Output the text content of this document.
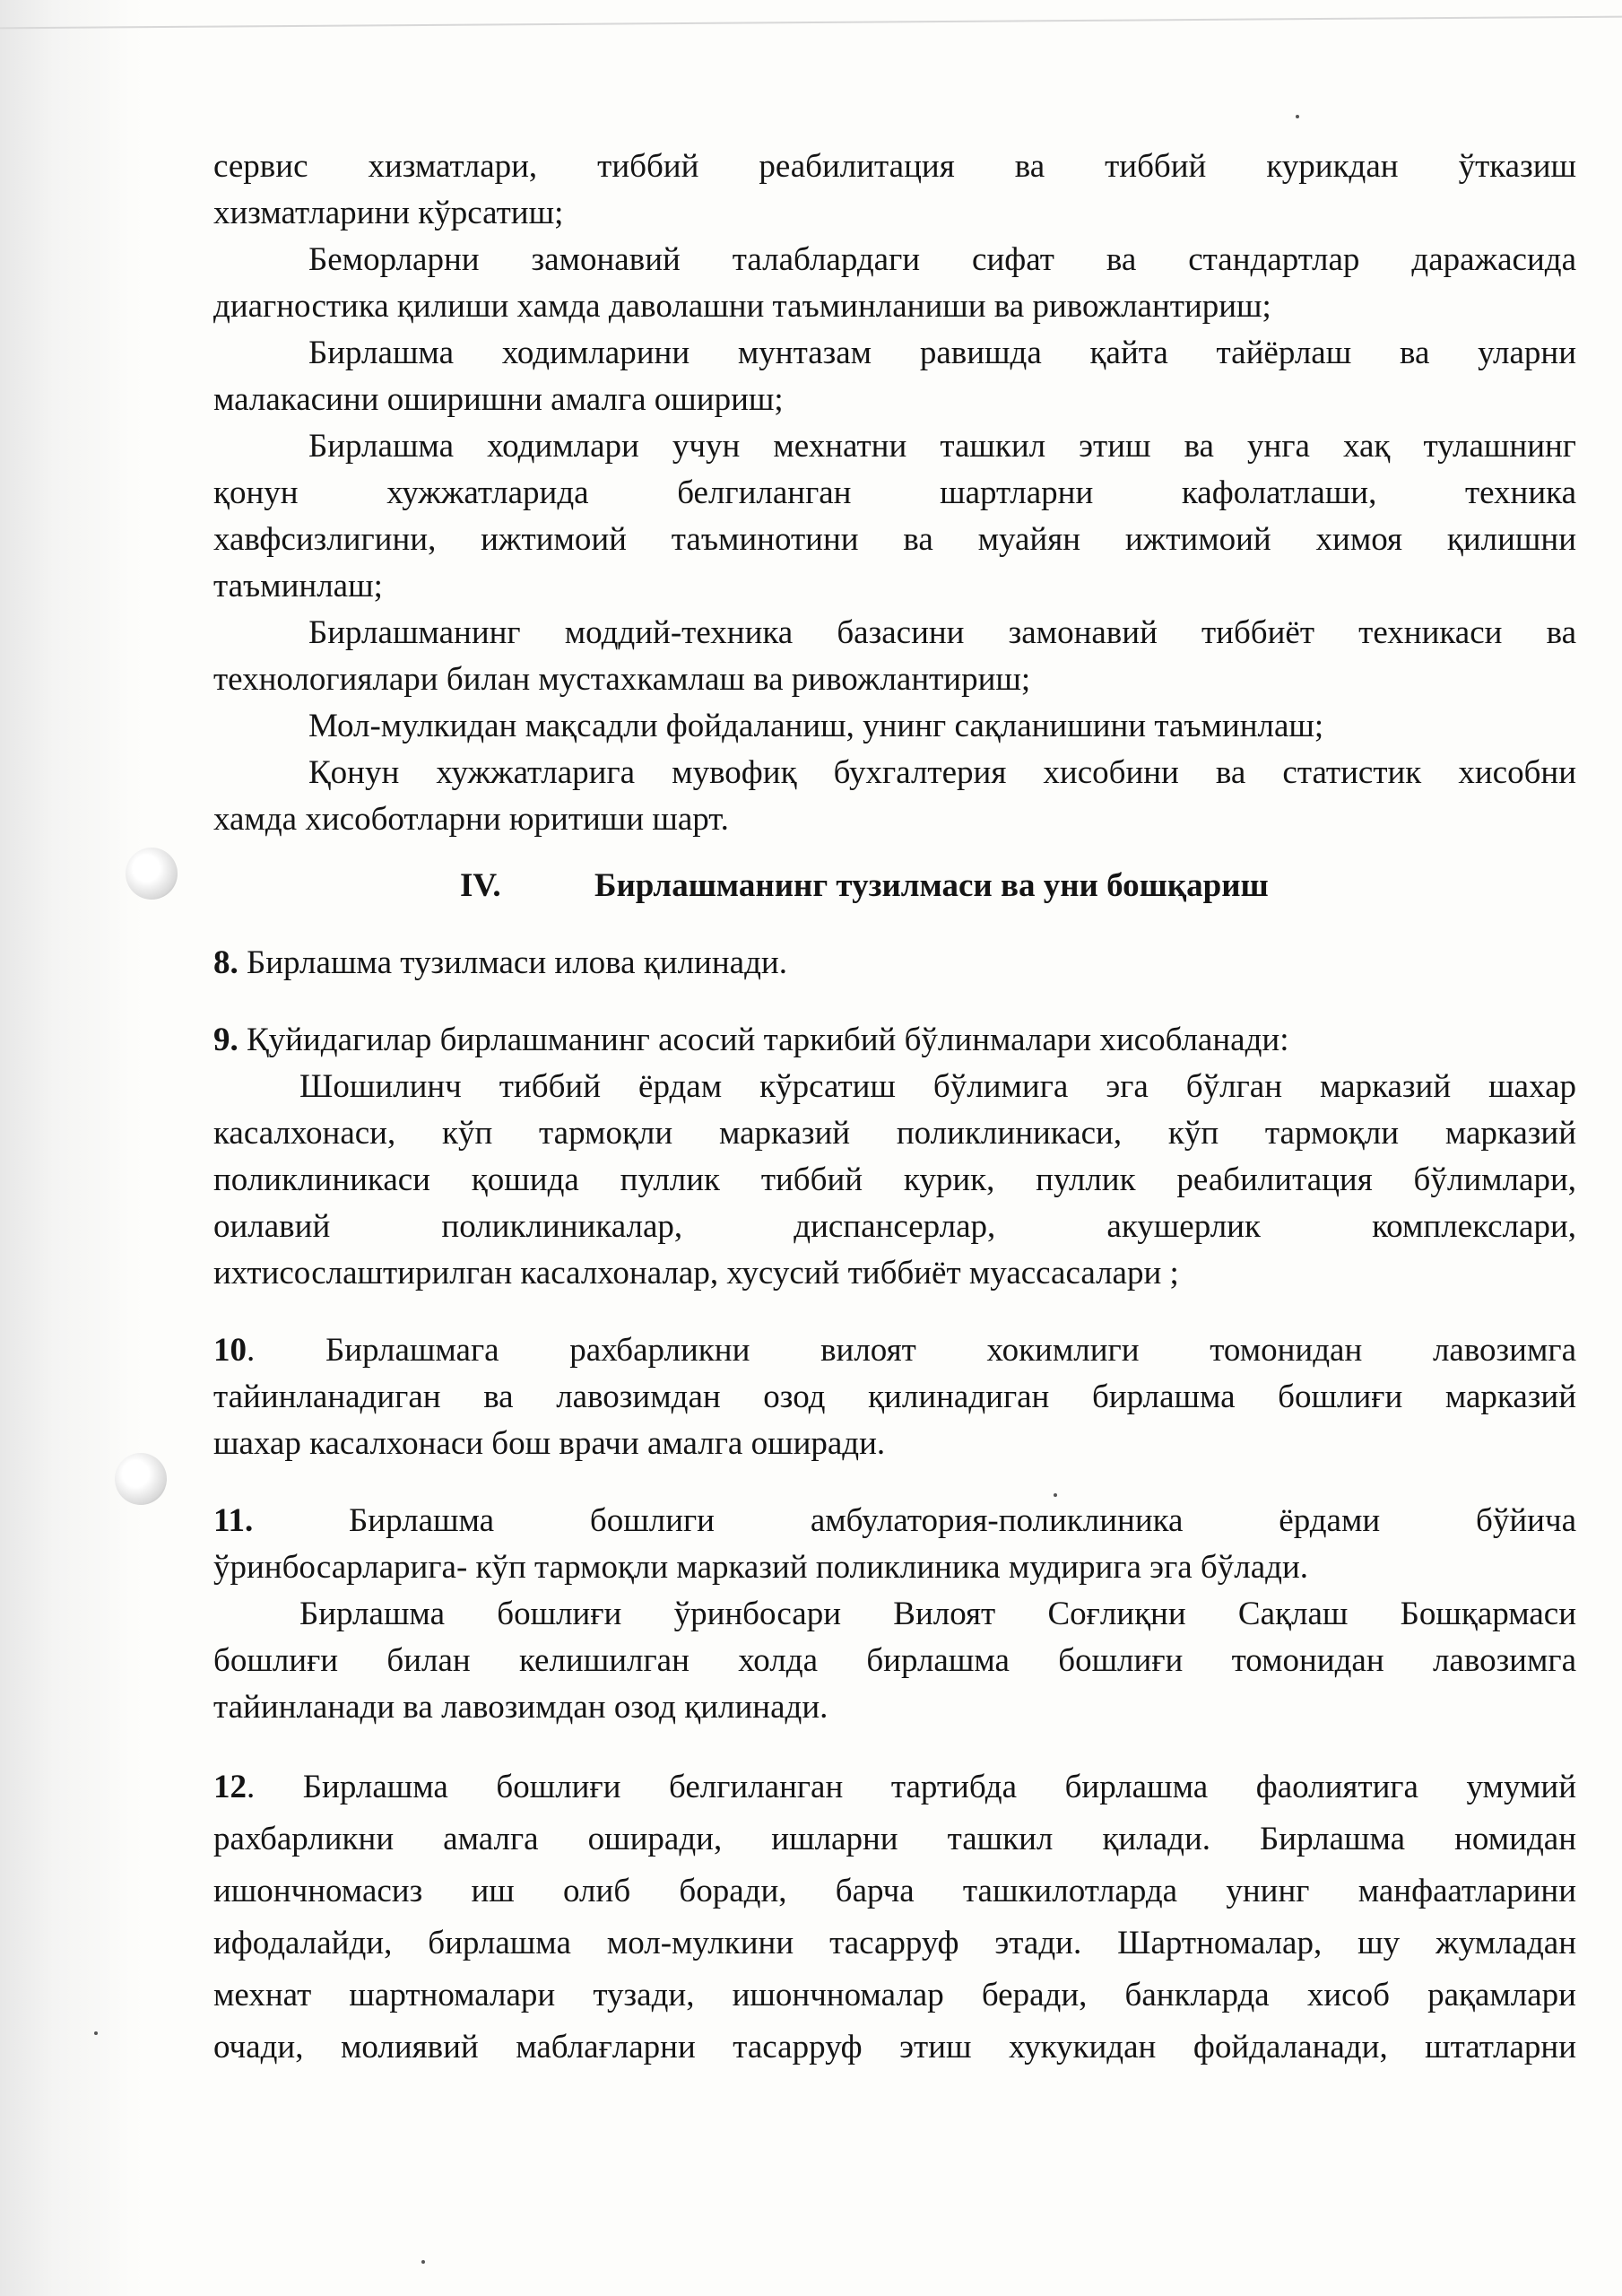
сервис хизматлари, тиббий реабилитация ва тиббий курикдан ўтказиш

хизматларини кўрсатиш;

Беморларни замонавий талаблардаги сифат ва стандартлар даражасида

диагностика қилиши хамда даволашни таъминланиши ва ривожлантириш;

Бирлашма ходимларини мунтазам равишда қайта тайёрлаш ва уларни

малакасини оширишни амалга ошириш;

Бирлашма ходимлари учун мехнатни ташкил этиш ва унга хақ тулашнинг

қонун хужжатларида белгиланган шартларни кафолатлаши, техника

хавфсизлигини, ижтимоий таъминотини ва муайян ижтимоий химоя қилишни

таъминлаш;

Бирлашманинг моддий-техника базасини замонавий тиббиёт техникаси ва

технологиялари билан мустахкамлаш ва ривожлантириш;

Мол-мулкидан мақсадли фойдаланиш, унинг сақланишини таъминлаш;

Қонун хужжатларига мувофиқ бухгалтерия хисобини ва статистик хисобни

хамда хисоботларни юритиши шарт.

IV.	Бирлашманинг тузилмаси ва уни бошқариш

8. Бирлашма тузилмаси илова қилинади.

9. Қуйидагилар бирлашманинг асосий таркибий бўлинмалари хисобланади:

Шошилинч тиббий ёрдам кўрсатиш бўлимига эга бўлган марказий шахар

касалхонаси, кўп тармоқли марказий поликлиникаси, кўп тармоқли марказий

поликлиникаси қошида пуллик тиббий курик, пуллик реабилитация бўлимлари,

оилавий поликлиникалар, диспансерлар, акушерлик комплекслари,

ихтисослаштирилган касалхоналар, хусусий тиббиёт муассасалари ;

10. Бирлашмага рахбарликни вилоят хокимлиги томонидан лавозимга

тайинланадиган ва лавозимдан озод қилинадиган бирлашма бошлиғи марказий

шахар касалхонаси бош врачи амалга оширади.

11. Бирлашма бошлиги амбулатория-поликлиника ёрдами бўйича

ўринбосарларига- кўп тармоқли марказий поликлиника мудирига эга бўлади.

Бирлашма бошлиғи ўринбосари Вилоят Соғлиқни Сақлаш Бошқармаси

бошлиғи билан келишилган холда бирлашма бошлиғи томонидан лавозимга

тайинланади ва лавозимдан озод қилинади.

12. Бирлашма бошлиғи белгиланган тартибда бирлашма фаолиятига умумий

рахбарликни амалга оширади, ишларни ташкил қилади. Бирлашма номидан

ишончномасиз иш олиб боради, барча ташкилотларда унинг манфаатларини

ифодалайди, бирлашма мол-мулкини тасарруф этади. Шартномалар, шу жумладан

мехнат шартномалари тузади, ишончномалар беради, банкларда хисоб рақамлари

очади, молиявий маблағларни тасарруф этиш хукукидан фойдаланади, штатларни
